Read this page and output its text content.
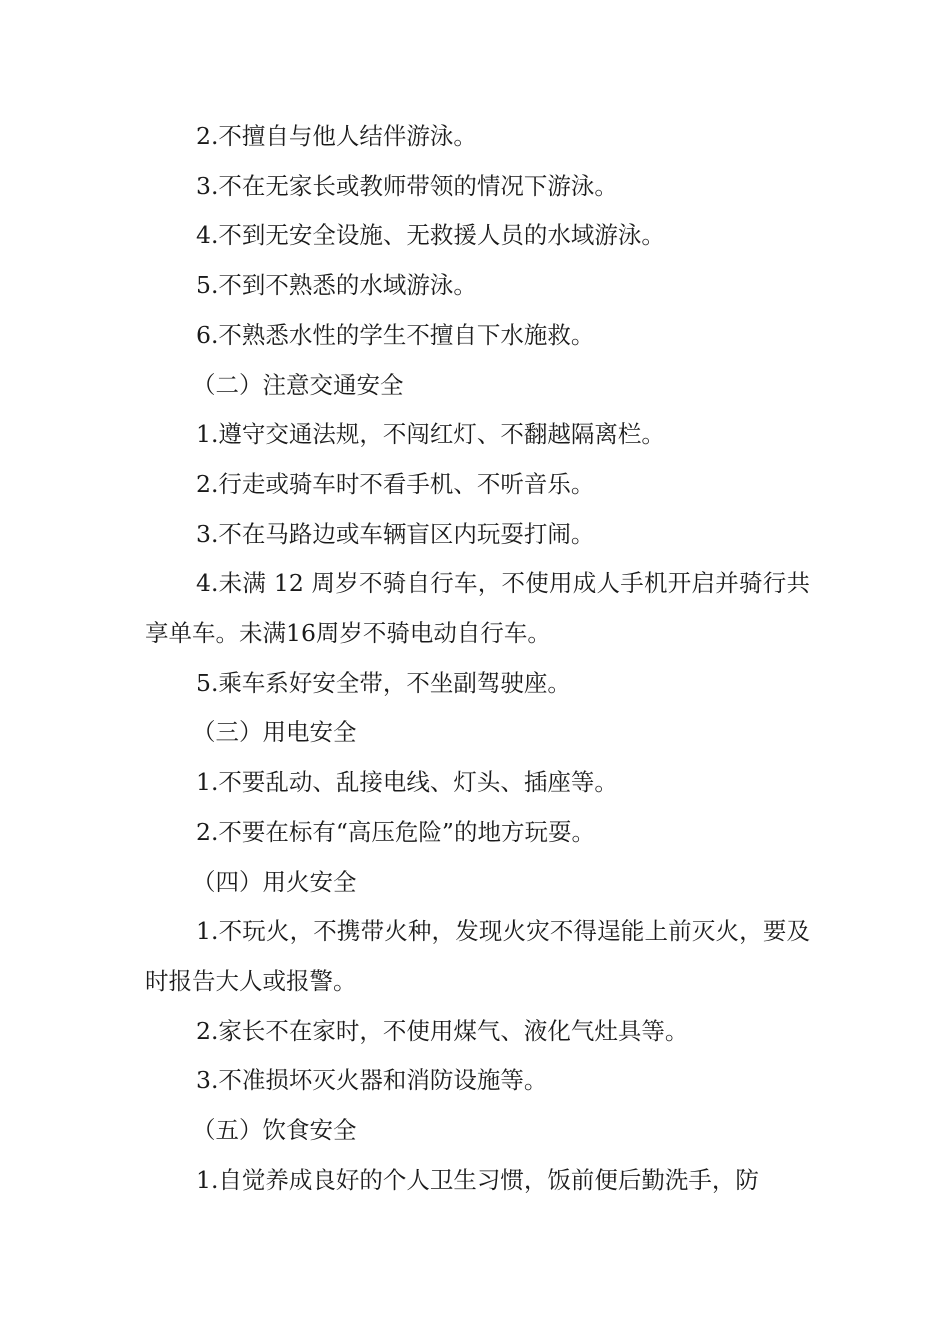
2.不擅自与他人结伴游泳。

3.不在无家长或教师带领的情况下游泳。

4.不到无安全设施、无救援人员的水域游泳。

5.不到不熟悉的水域游泳。

6.不熟悉水性的学生不擅自下水施救。

（二）注意交通安全

1.遵守交通法规，不闯红灯、不翻越隔离栏。

2.行走或骑车时不看手机、不听音乐。

3.不在马路边或车辆盲区内玩耍打闹。

4.未满 12 周岁不骑自行车，不使用成人手机开启并骑行共享单车。未满16周岁不骑电动自行车。

5.乘车系好安全带，不坐副驾驶座。

（三）用电安全

1.不要乱动、乱接电线、灯头、插座等。

2.不要在标有“高压危险”的地方玩耍。

（四）用火安全

1.不玩火，不携带火种，发现火灾不得逞能上前灭火，要及时报告大人或报警。

2.家长不在家时，不使用煤气、液化气灶具等。

3.不准损坏灭火器和消防设施等。

（五）饮食安全

1.自觉养成良好的个人卫生习惯，饭前便后勤洗手，防
